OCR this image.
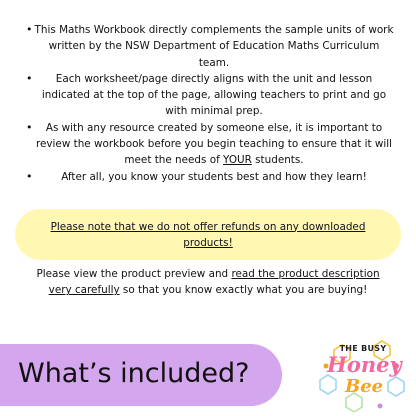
• This Maths Workbook directly complements the sample units of work written by the NSW Department of Education Maths Curriculum team.
• Each worksheet/page directly aligns with the unit and lesson indicated at the top of the page, allowing teachers to print and go with minimal prep.
• As with any resource created by someone else, it is important to review the workbook before you begin teaching to ensure that it will meet the needs of YOUR students.
•	After all, you know your students best and how they learn!
Please note that we do not offer refunds on any downloaded products!
Please view the product preview and read the product description very carefully so that you know exactly what you are buying!
What’s included?
THE BUSY
Honey
Bee
